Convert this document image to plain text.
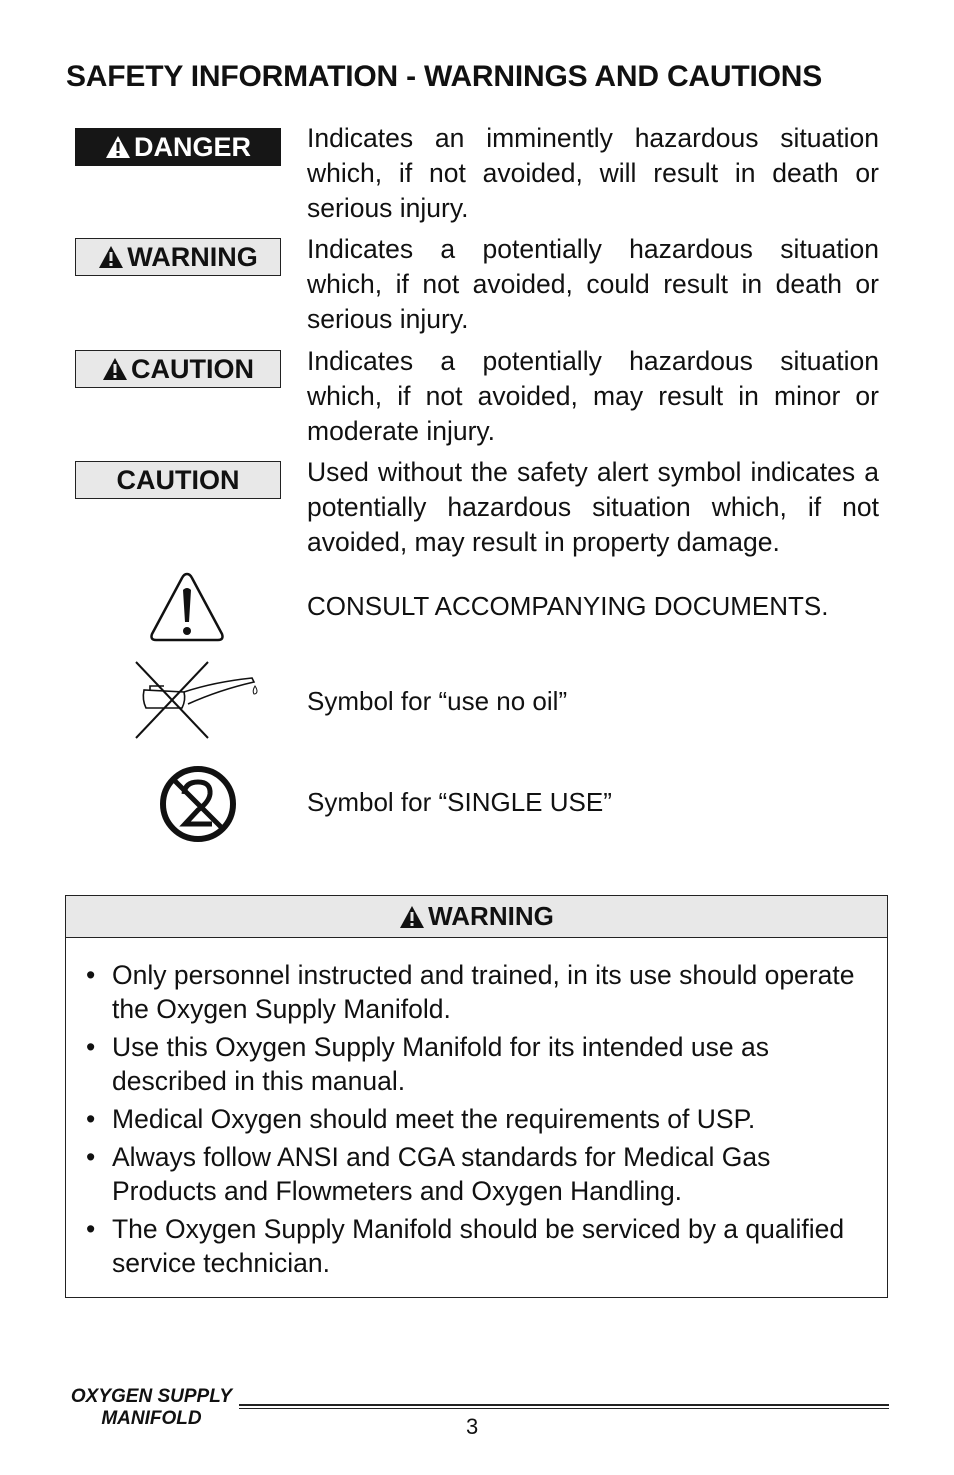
SAFETY INFORMATION - WARNINGS AND CAUTIONS
DANGER Indicates an imminently hazardous situation which, if not avoided, will result in death or serious injury.
WARNING Indicates a potentially hazardous situation which, if not avoided, could result in death or serious injury.
CAUTION Indicates a potentially hazardous situation which, if not avoided, may result in minor or moderate injury.
CAUTION	Used without the safety alert symbol indicates a potentially hazardous situation which, if not avoided, may result in property damage.
CONSULT ACCOMPANYING DOCUMENTS.
Symbol for “use no oil”
Symbol for “SINGLE USE”
WARNING
• Only personnel instructed and trained, in its use should operate the Oxygen Supply Manifold.
• Use this Oxygen Supply Manifold for its intended use as described in this manual.
• Medical Oxygen should meet the requirements of USP.
• Always follow ANSI and CGA standards for Medical Gas Products and Flowmeters and Oxygen Handling.
• The Oxygen Supply Manifold should be serviced by a qualified service technician.
OXYGEN SUPPLY
MANIFOLD	3
